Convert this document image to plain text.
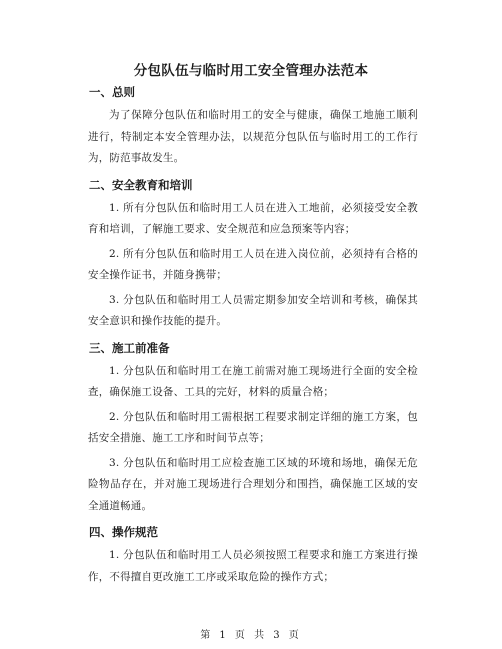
分包队伍与临时用工安全管理办法范本
一、总则
为了保障分包队伍和临时用工的安全与健康，确保工地施工顺利进行，特制定本安全管理办法，以规范分包队伍与临时用工的工作行为，防范事故发生。
二、安全教育和培训
1. 所有分包队伍和临时用工人员在进入工地前，必须接受安全教育和培训，了解施工要求、安全规范和应急预案等内容；
2. 所有分包队伍和临时用工人员在进入岗位前，必须持有合格的安全操作证书，并随身携带；
3. 分包队伍和临时用工人员需定期参加安全培训和考核，确保其安全意识和操作技能的提升。
三、施工前准备
1. 分包队伍和临时用工在施工前需对施工现场进行全面的安全检查，确保施工设备、工具的完好，材料的质量合格；
2. 分包队伍和临时用工需根据工程要求制定详细的施工方案，包括安全措施、施工工序和时间节点等；
3. 分包队伍和临时用工应检查施工区域的环境和场地，确保无危险物品存在，并对施工现场进行合理划分和围挡，确保施工区域的安全通道畅通。
四、操作规范
1. 分包队伍和临时用工人员必须按照工程要求和施工方案进行操作，不得擅自更改施工工序或采取危险的操作方式；
第 1 页 共 3 页
